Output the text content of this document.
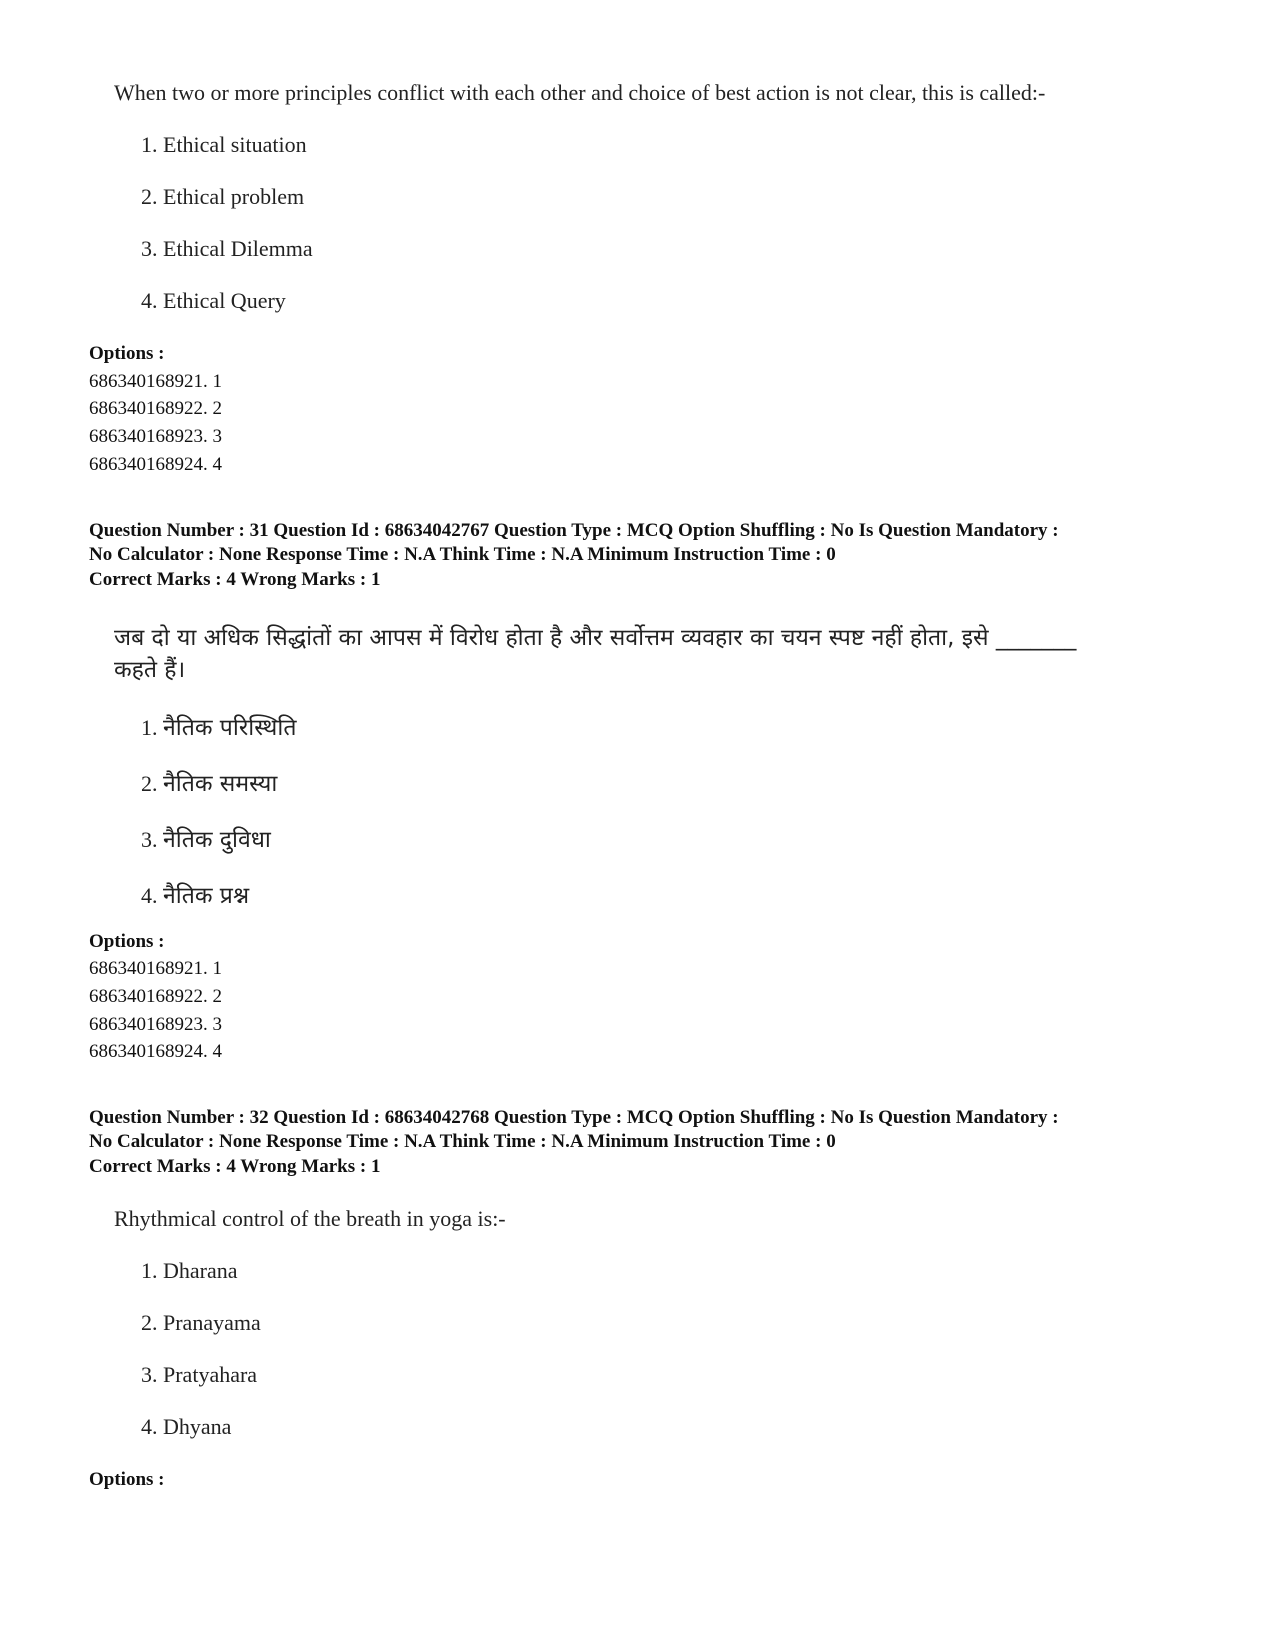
When two or more principles conflict with each other and choice of best action is not clear, this is called:-
1. Ethical situation
2. Ethical problem
3. Ethical Dilemma
4. Ethical Query
Options :
686340168921. 1
686340168922. 2
686340168923. 3
686340168924. 4
Question Number : 31 Question Id : 68634042767 Question Type : MCQ Option Shuffling : No Is Question Mandatory :
No Calculator : None Response Time : N.A Think Time : N.A Minimum Instruction Time : 0
Correct Marks : 4 Wrong Marks : 1
जब दो या अधिक सिद्धांतों का आपस में विरोध होता है और सर्वोत्तम व्यवहार का चयन स्पष्ट नहीं होता, इसे _______ कहते हैं।
1. नैतिक परिस्थिति
2. नैतिक समस्या
3. नैतिक दुविधा
4. नैतिक प्रश्न
Options :
686340168921. 1
686340168922. 2
686340168923. 3
686340168924. 4
Question Number : 32 Question Id : 68634042768 Question Type : MCQ Option Shuffling : No Is Question Mandatory :
No Calculator : None Response Time : N.A Think Time : N.A Minimum Instruction Time : 0
Correct Marks : 4 Wrong Marks : 1
Rhythmical control of the breath in yoga is:-
1. Dharana
2. Pranayama
3. Pratyahara
4. Dhyana
Options :
